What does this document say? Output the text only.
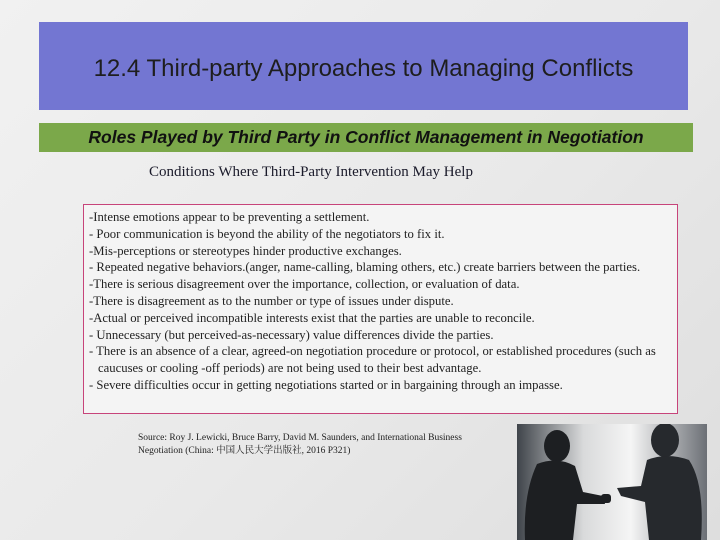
12.4 Third-party Approaches to Managing Conflicts
Roles Played by Third Party in Conflict Management in Negotiation
Conditions Where Third-Party Intervention May Help

-Intense emotions appear to be preventing a settlement.

- Poor communication is beyond the ability of the negotiators to fix it.

-Mis-perceptions or stereotypes hinder productive exchanges.

- Repeated negative behaviors.(anger, name-calling, blaming others, etc.) create barriers between the parties.

-There is serious disagreement over the importance, collection, or evaluation of data.

-There is disagreement as to the number or type of issues under dispute.

-Actual or perceived incompatible interests exist that the parties are unable to reconcile.

- Unnecessary (but perceived-as-necessary) value differences divide the parties.

- There is an absence of a clear, agreed-on negotiation procedure or protocol, or established procedures (such as caucuses or cooling -off periods) are not being used to their best advantage.

- Severe difficulties occur in getting negotiations started or in bargaining through an impasse.

Source: Roy J. Lewicki, Bruce Barry, David M. Saunders, and International Business
Negotiation (China: 中国人民大学出版社, 2016 P321)
